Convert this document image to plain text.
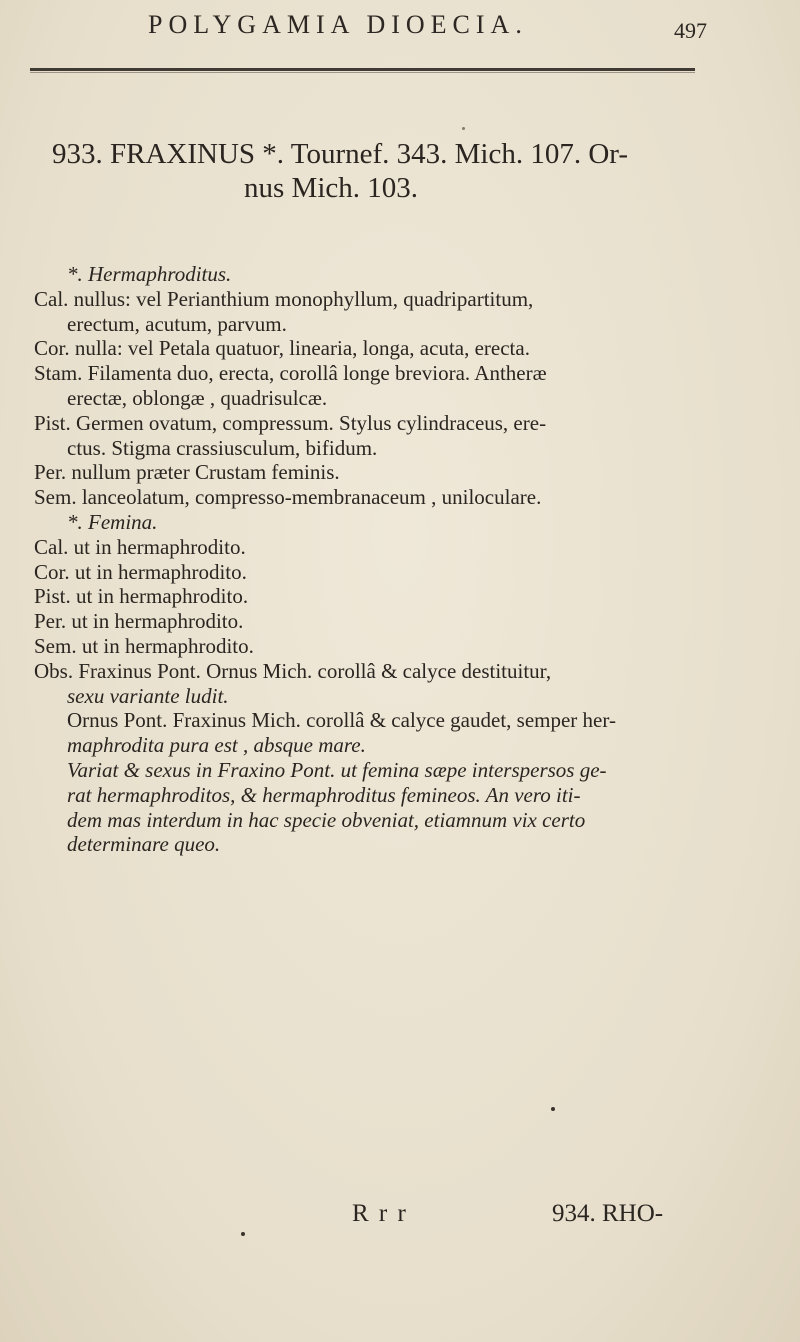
POLYGAMIA DIOECIA.	497
933. FRAXINUS *. Tournef. 343. Mich. 107. Or-
nus Mich. 103.
*. Hermaphroditus.
Cal. nullus: vel Perianthium monophyllum, quadripartitum,
erectum, acutum, parvum.
Cor. nulla: vel Petala quatuor, linearia, longa, acuta, erecta.
Stam. Filamenta duo, erecta, corollâ longe breviora. Antheræ
erectæ, oblongæ , quadrisulcæ.
Pist. Germen ovatum, compressum. Stylus cylindraceus, ere-
ctus. Stigma crassiusculum, bifidum.
Per. nullum præter Crustam feminis.
Sem. lanceolatum, compresso-membranaceum , uniloculare.
*. Femina.
Cal. ut in hermaphrodito.
Cor. ut in hermaphrodito.
Pist. ut in hermaphrodito.
Per. ut in hermaphrodito.
Sem. ut in hermaphrodito.
Obs. Fraxinus Pont. Ornus Mich. corollâ & calyce destituitur,
sexu variante ludit.
Ornus Pont. Fraxinus Mich. corollâ & calyce gaudet, semper her-
maphrodita pura est , absque mare.
Variat & sexus in Fraxino Pont. ut femina sæpe interspersos ge-
rat hermaphroditos, & hermaphroditus femineos. An vero iti-
dem mas interdum in hac specie obveniat, etiamnum vix certo
determinare queo.
R r r	934. RHO-
